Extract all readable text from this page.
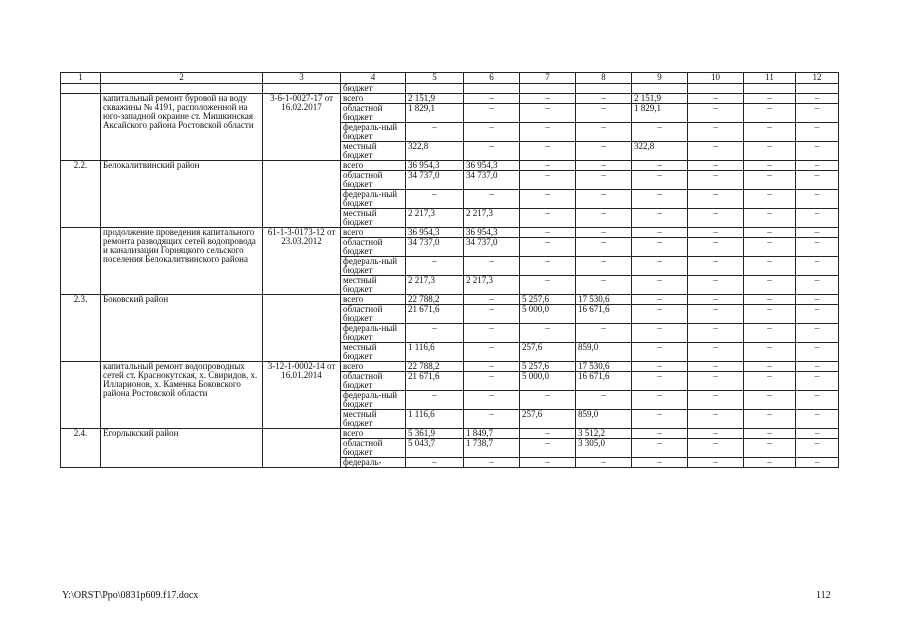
1	2	3	4	5	6	7	8	9	10	11	12
			бюджет								
	капитальный ремонт буровой на воду скважины № 4191, расположенной на юго-западной окраине ст. Мишкинская Аксайского района Ростовской области	3-6-1-0027-17 от 16.02.2017	всего	2 151,9	–	–	–	2 151,9	–	–	–
			областной бюджет	1 829,1	–	–	–	1 829,1	–	–	–

			федераль-ный бюджет	–	–	–	–	–	–	–	–

			местный бюджет	322,8	–	–	–	322,8	–	–	–

2.2.	Белокалитвинский район		всего	36 954,3	36 954,3	–	–	–	–	–	–
			областной бюджет	34 737,0	34 737,0	–	–	–	–	–	–

			федераль-ный бюджет	–	–	–	–	–	–	–	–

			местный бюджет	2 217,3	2 217,3	–	–	–	–	–	–

	продолжение проведения капитального ремонта разводящих сетей водопровода и канализации Горняцкого сельского поселения Белокалитвинского района	61-1-3-0173-12 от 23.03.2012	всего	36 954,3	36 954,3	–	–	–	–	–	–
			областной бюджет	34 737,0	34 737,0	–	–	–	–	–	–

			федераль-ный бюджет	–	–	–	–	–	–	–	–

			местный бюджет	2 217,3	2 217,3	–	–	–	–	–	–

2.3.	Боковский район		всего	22 788,2	–	5 257,6	17 530,6	–	–	–	–
			областной бюджет	21 671,6	–	5 000,0	16 671,6	–	–	–	–

			федераль-ный бюджет	–	–	–	–	–	–	–	–

			местный бюджет	1 116,6	–	257,6	859,0	–	–	–	–

	капитальный ремонт водопроводных сетей ст. Краснокутская, х. Свиридов, х. Илларионов, х. Каменка Боковского района Ростовской области	3-12-1-0002-14 от 16.01.2014	всего	22 788,2	–	5 257,6	17 530,6	–	–	–	–
			областной бюджет	21 671,6	–	5 000,0	16 671,6	–	–	–	–

			федераль-ный бюджет	–	–	–	–	–	–	–	–

			местный бюджет	1 116,6	–	257,6	859,0	–	–	–	–

2.4.	Егорлыкский район		всего	5 361,9	1 849,7	–	3 512,2	–	–	–	–
			областной бюджет	5 043,7	1 738,7	–	3 305,0	–	–	–	–

			федераль-	–	–	–	–	–	–	–	–
Y:\ORST\Ppo\0831p609.f17.docx	112
